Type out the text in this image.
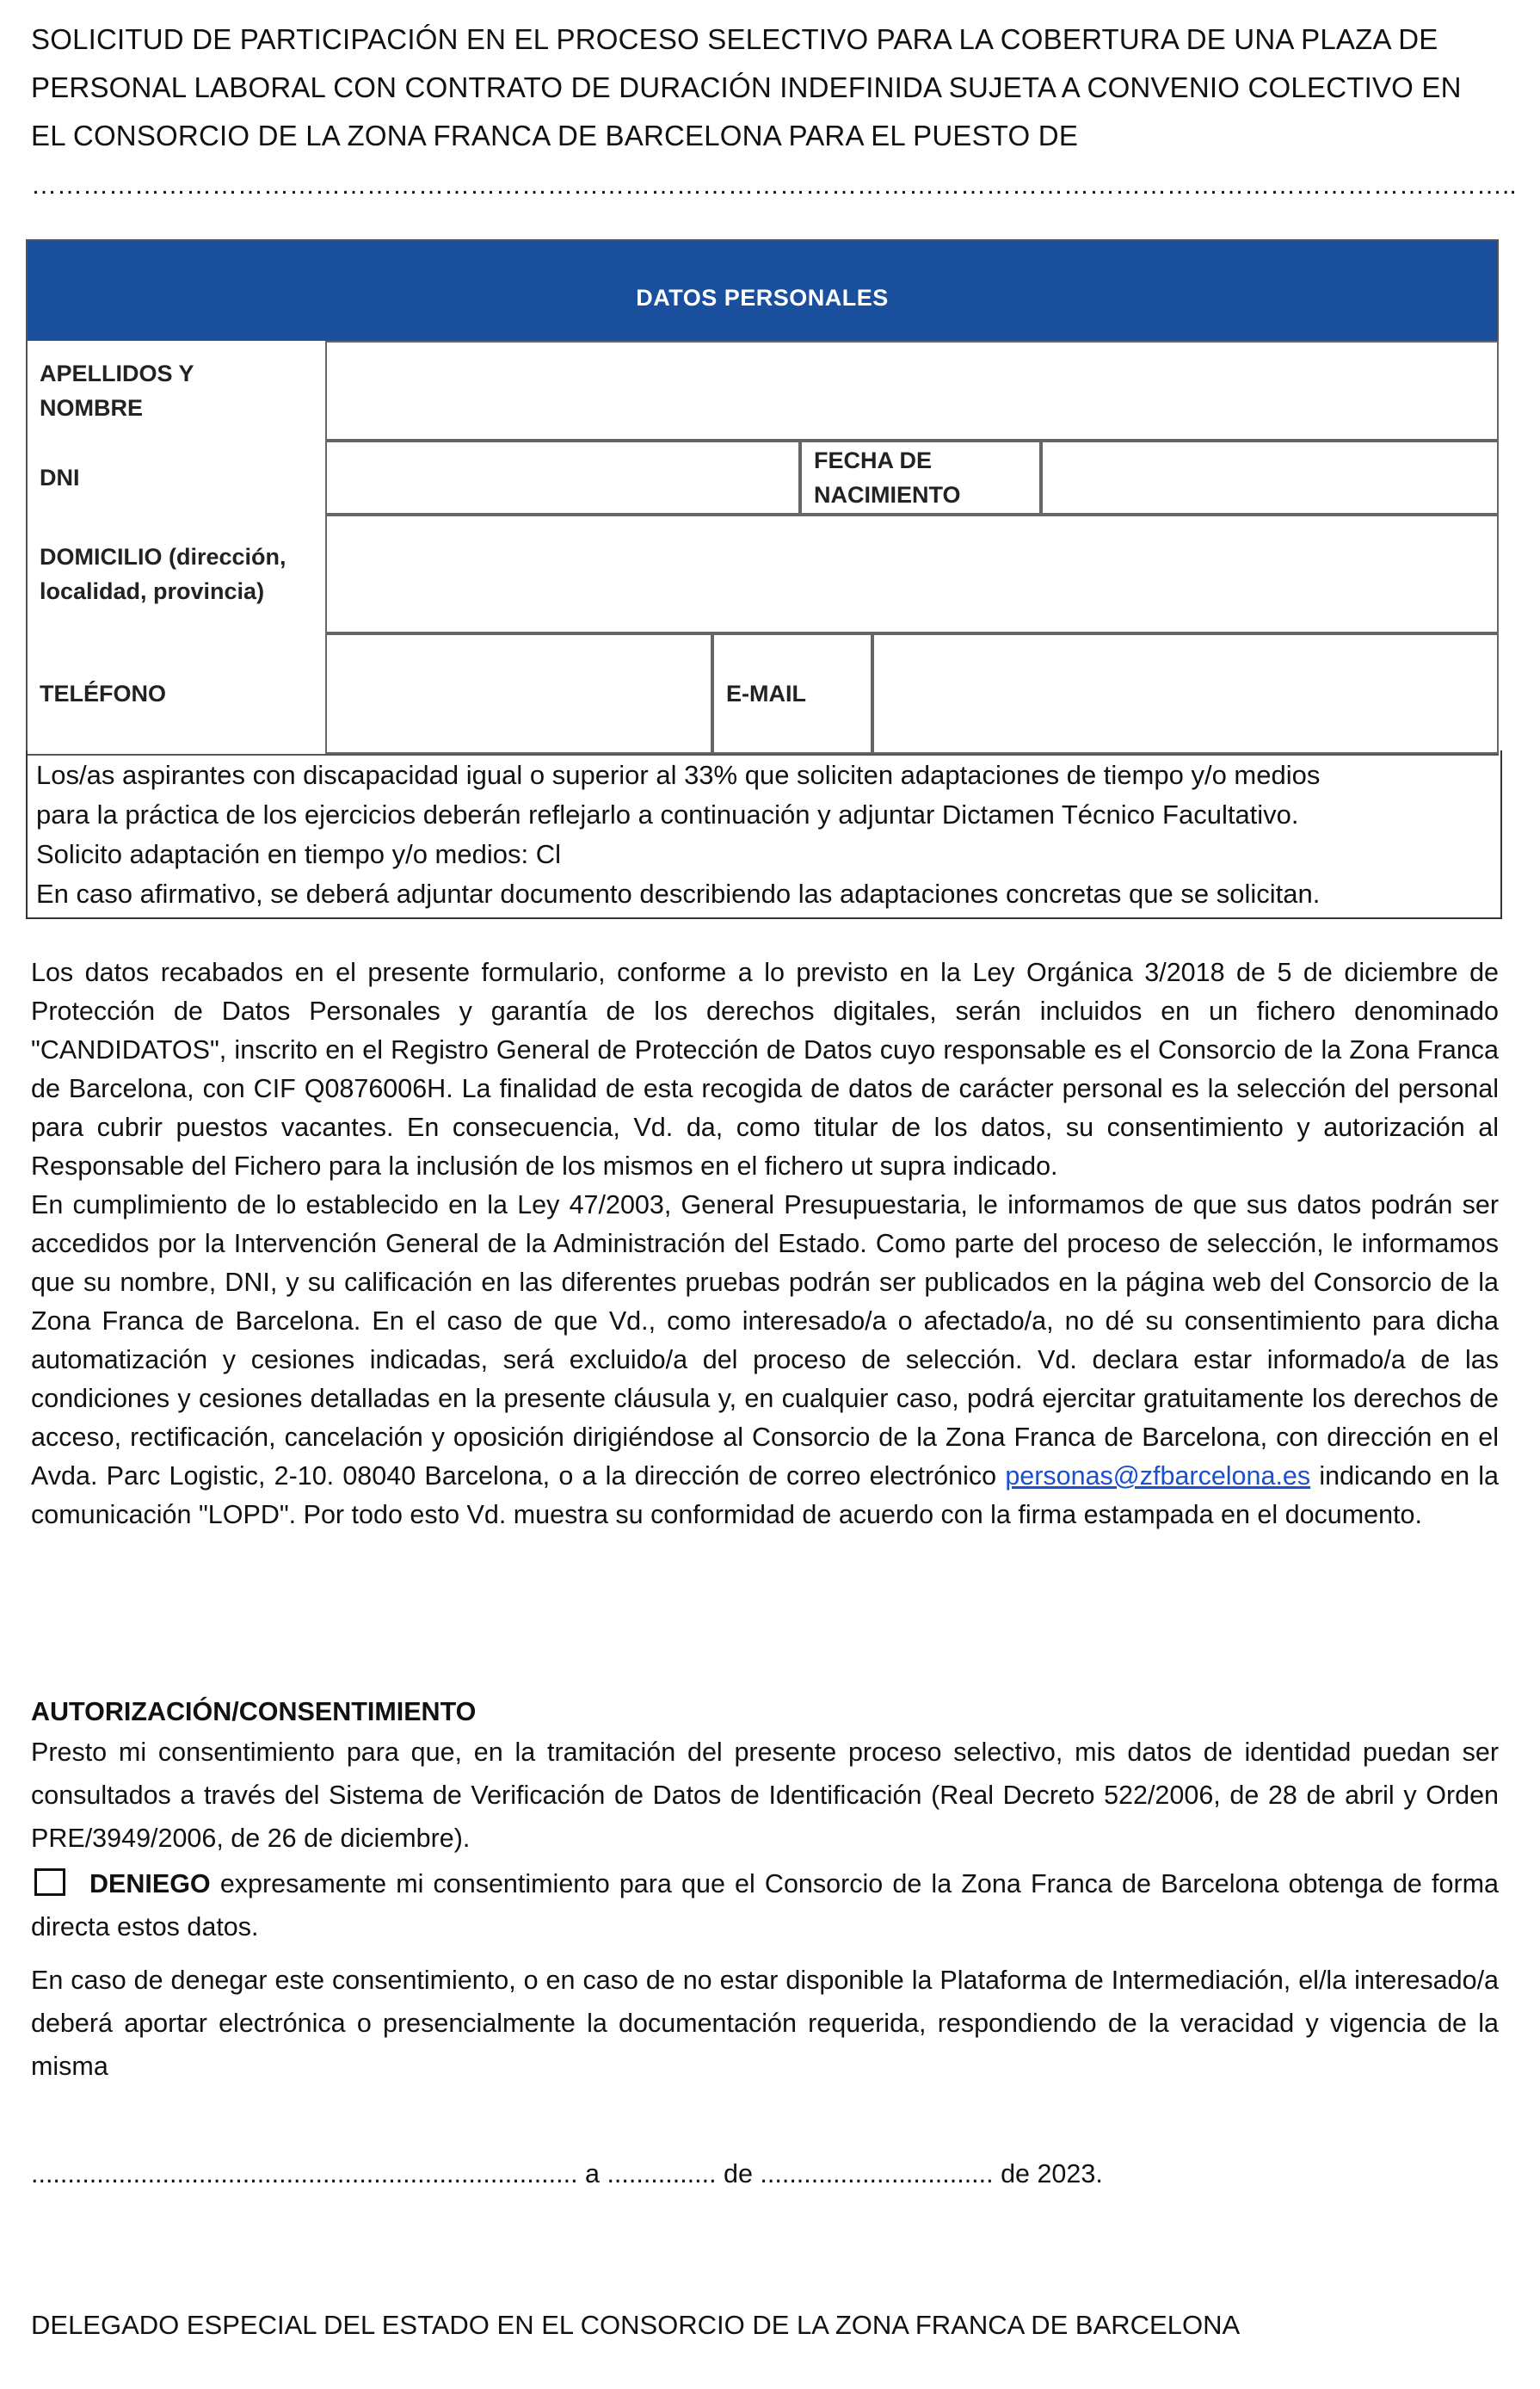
SOLICITUD DE PARTICIPACIÓN EN EL PROCESO SELECTIVO PARA LA COBERTURA DE UNA PLAZA DE PERSONAL LABORAL CON CONTRATO DE DURACIÓN INDEFINIDA SUJETA A CONVENIO COLECTIVO EN EL CONSORCIO DE LA ZONA FRANCA DE BARCELONA PARA EL PUESTO DE
………………………………………………………………………………………………………………………………………………………..
DATOS PERSONALES
APELLIDOS Y NOMBRE
DNI
FECHA DE NACIMIENTO
DOMICILIO (dirección, localidad, provincia)
TELÉFONO	E-MAIL

Los/as aspirantes con discapacidad igual o superior al 33% que soliciten adaptaciones de tiempo y/o medios

para la práctica de los ejercicios deberán reflejarlo a continuación y adjuntar Dictamen Técnico Facultativo.

Solicito adaptación en tiempo y/o medios: Cl

En caso afirmativo, se deberá adjuntar documento describiendo las adaptaciones concretas que se solicitan.

Los datos recabados en el presente formulario, conforme a lo previsto en la Ley Orgánica 3/2018 de 5 de diciembre de Protección de Datos Personales y garantía de los derechos digitales, serán incluidos en un fichero denominado "CANDIDATOS", inscrito en el Registro General de Protección de Datos cuyo responsable es el Consorcio de la Zona Franca de Barcelona, con CIF Q0876006H. La finalidad de esta recogida de datos de carácter personal es la selección del personal para cubrir puestos vacantes. En consecuencia, Vd. da, como titular de los datos, su consentimiento y autorización al Responsable del Fichero para la inclusión de los mismos en el fichero ut supra indicado.

En cumplimiento de lo establecido en la Ley 47/2003, General Presupuestaria, le informamos de que sus datos podrán ser accedidos por la Intervención General de la Administración del Estado. Como parte del proceso de selección, le informamos que su nombre, DNI, y su calificación en las diferentes pruebas podrán ser publicados en la página web del Consorcio de la Zona Franca de Barcelona. En el caso de que Vd., como interesado/a o afectado/a, no dé su consentimiento para dicha automatización y cesiones indicadas, será excluido/a del proceso de selección. Vd. declara estar informado/a de las condiciones y cesiones detalladas en la presente cláusula y, en cualquier caso, podrá ejercitar gratuitamente los derechos de acceso, rectificación, cancelación y oposición dirigiéndose al Consorcio de la Zona Franca de Barcelona, con dirección en el Avda. Parc Logistic, 2-10. 08040 Barcelona, o a la dirección de correo electrónico personas@zfbarcelona.es indicando en la comunicación "LOPD". Por todo esto Vd. muestra su conformidad de acuerdo con la firma estampada en el documento.

AUTORIZACIÓN/CONSENTIMIENTO

Presto mi consentimiento para que, en la tramitación del presente proceso selectivo, mis datos de identidad puedan ser consultados a través del Sistema de Verificación de Datos de Identificación (Real Decreto 522/2006, de 28 de abril y Orden PRE/3949/2006, de 26 de diciembre).

DENIEGO expresamente mi consentimiento para que el Consorcio de la Zona Franca de Barcelona obtenga de forma directa estos datos.

En caso de denegar este consentimiento, o en caso de no estar disponible la Plataforma de Intermediación, el/la interesado/a deberá aportar electrónica o presencialmente la documentación requerida, respondiendo de la veracidad y vigencia de la misma

........................................................................... a ............... de ................................ de 2023.
DELEGADO ESPECIAL DEL ESTADO EN EL CONSORCIO DE LA ZONA FRANCA DE BARCELONA
